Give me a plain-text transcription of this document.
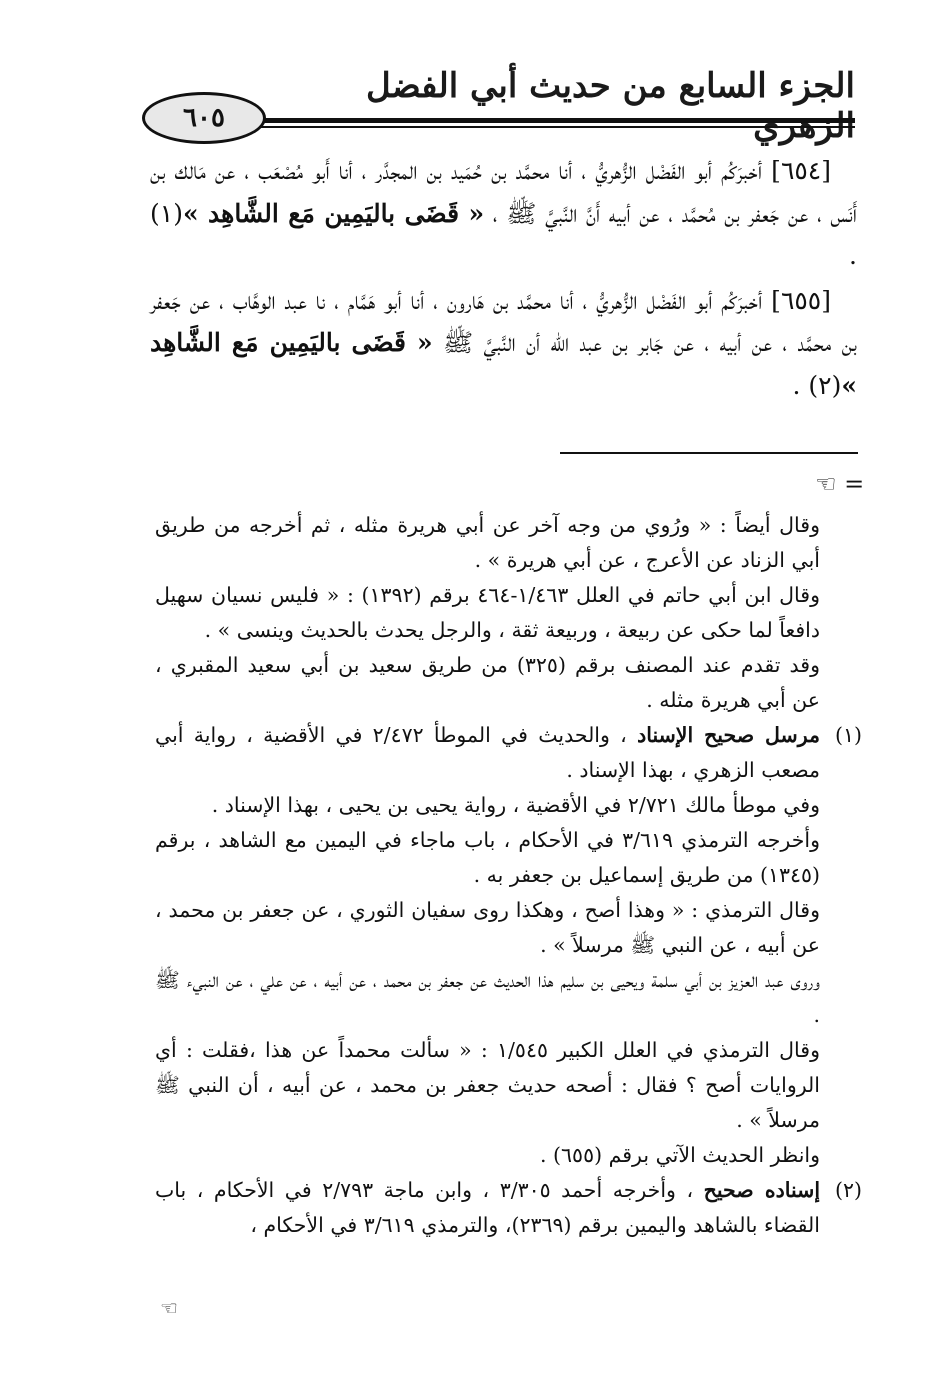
الجزء السابع من حديث أبي الفضل
٦٠٥

[٦٥٤] أخبرَكُم أبو الفَضْل الزُّهريُّ ، أنا محمَّد بن حُمَيد بن المجدَّر ، أنا أَبو مُصْعَب ، عن مَالك بن أَنَس ، عن جَعفر بن مُحمَّد ، عن أبيه أَنَّ النَّبيَّ ﷺ ، « قَضَى باليَمِين مَع الشَّاهِد »(١) .

[٦٥٥] أخبرَكُم أبو الفَضْل الزُّهريُّ ، أنا محمَّد بن هَارون ، أنا أبو هَمَّام ، نا عبد الوهَّاب ، عن جَعفر بن محمَّد ، عن أبيه ، عن جَابر بن عبد الله أن النَّبيَّ ﷺ « قَضَى باليَمِين مَع الشَّاهِد »(٢) .

= ☜

وقال أيضاً : « ورُوي من وجه آخر عن أبي هريرة مثله ، ثم أخرجه من طريق أبي الزناد عن الأعرج ، عن أبي هريرة » .

وقال ابن أبي حاتم في العلل ١/٤٦٣-٤٦٤ برقم (١٣٩٢) : « فليس نسيان سهيل دافعاً لما حكى عن ربيعة ، وربيعة ثقة ، والرجل يحدث بالحديث وينسى » .

وقد تقدم عند المصنف برقم (٣٢٥) من طريق سعيد بن أبي سعيد المقبري ، عن أبي هريرة مثله .

(١)
مرسل صحيح الإسناد ، والحديث في الموطأ ٢/٤٧٢ في الأقضية ، رواية أبي مصعب الزهري ، بهذا الإسناد .

وفي موطأ مالك ٢/٧٢١ في الأقضية ، رواية يحيى بن يحيى ، بهذا الإسناد .

وأخرجه الترمذي ٣/٦١٩ في الأحكام ، باب ماجاء في اليمين مع الشاهد ، برقم (١٣٤٥) من طريق إسماعيل بن جعفر به .

وقال الترمذي : « وهذا أصح ، وهكذا روى سفيان الثوري ، عن جعفر بن محمد ، عن أبيه ، عن النبي ﷺ مرسلاً » .

وروى عبد العزيز بن أبي سلمة ويحيى بن سليم هذا الحديث عن جعفر بن محمد ، عن أبيه ، عن علي ، عن النبيء ﷺ .

وقال الترمذي في العلل الكبير ١/٥٤٥ : « سألت محمداً عن هذا ،فقلت : أي الروايات أصح ؟ فقال : أصحه حديث جعفر بن محمد ، عن أبيه ، أن النبي ﷺ مرسلاً » .

وانظر الحديث الآتي برقم (٦٥٥) .

(٢)
إسناده صحيح ، وأخرجه أحمد ٣/٣٠٥ ، وابن ماجة ٢/٧٩٣ في الأحكام ، باب القضاء بالشاهد واليمين برقم (٢٣٦٩)، والترمذي ٣/٦١٩ في الأحكام ،

☜
